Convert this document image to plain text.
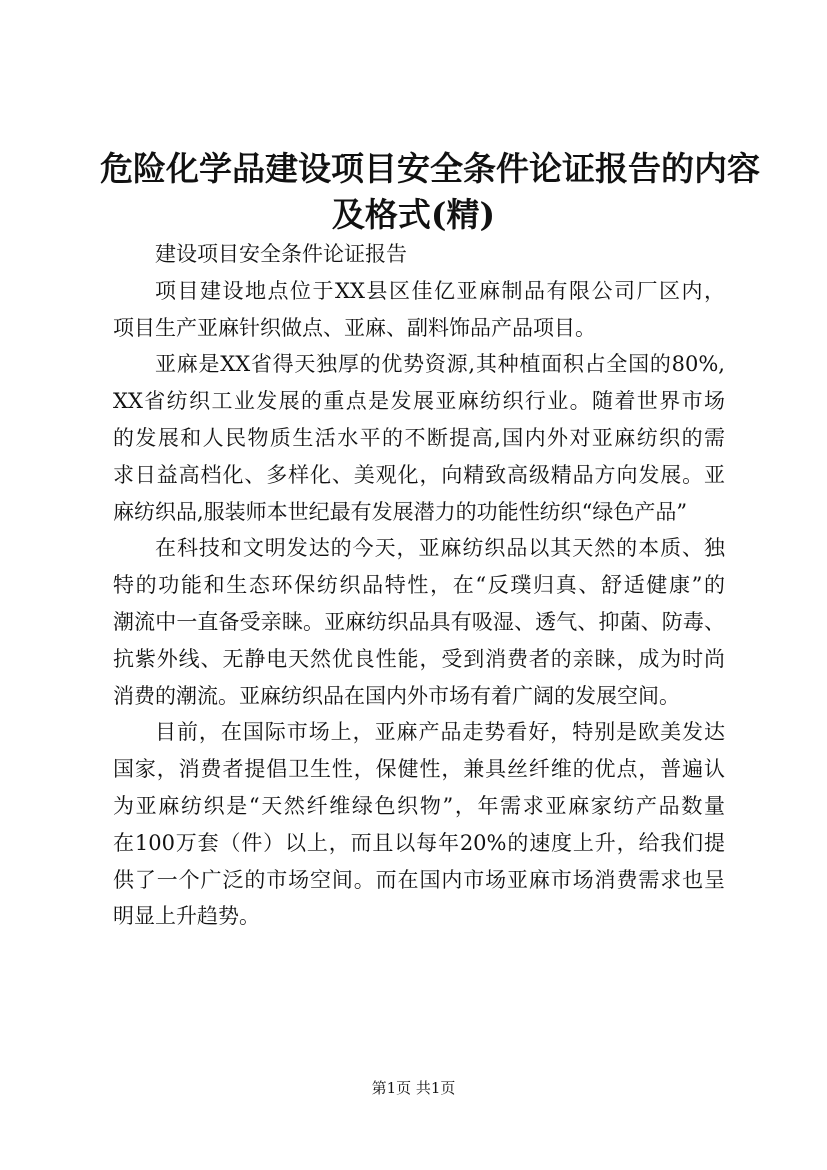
危险化学品建设项目安全条件论证报告的内容
及格式(精)

建设项目安全条件论证报告

项目建设地点位于XX县区佳亿亚麻制品有限公司厂区内，
项目生产亚麻针织做点、亚麻、副料饰品产品项目。

亚麻是XX省得天独厚的优势资源,其种植面积占全国的80%,
XX省纺织工业发展的重点是发展亚麻纺织行业。随着世界市场
的发展和人民物质生活水平的不断提高,国内外对亚麻纺织的需
求日益高档化、多样化、美观化，向精致高级精品方向发展。亚
麻纺织品,服装师本世纪最有发展潜力的功能性纺织“绿色产品”

在科技和文明发达的今天，亚麻纺织品以其天然的本质、独
特的功能和生态环保纺织品特性，在“反璞归真、舒适健康”的
潮流中一直备受亲睐。亚麻纺织品具有吸湿、透气、抑菌、防毒、
抗紫外线、无静电天然优良性能，受到消费者的亲睐，成为时尚
消费的潮流。亚麻纺织品在国内外市场有着广阔的发展空间。

目前，在国际市场上，亚麻产品走势看好，特别是欧美发达
国家，消费者提倡卫生性，保健性，兼具丝纤维的优点，普遍认
为亚麻纺织是“天然纤维绿色织物”，年需求亚麻家纺产品数量
在100万套（件）以上，而且以每年20%的速度上升，给我们提
供了一个广泛的市场空间。而在国内市场亚麻市场消费需求也呈
明显上升趋势。

第1页 共1页
